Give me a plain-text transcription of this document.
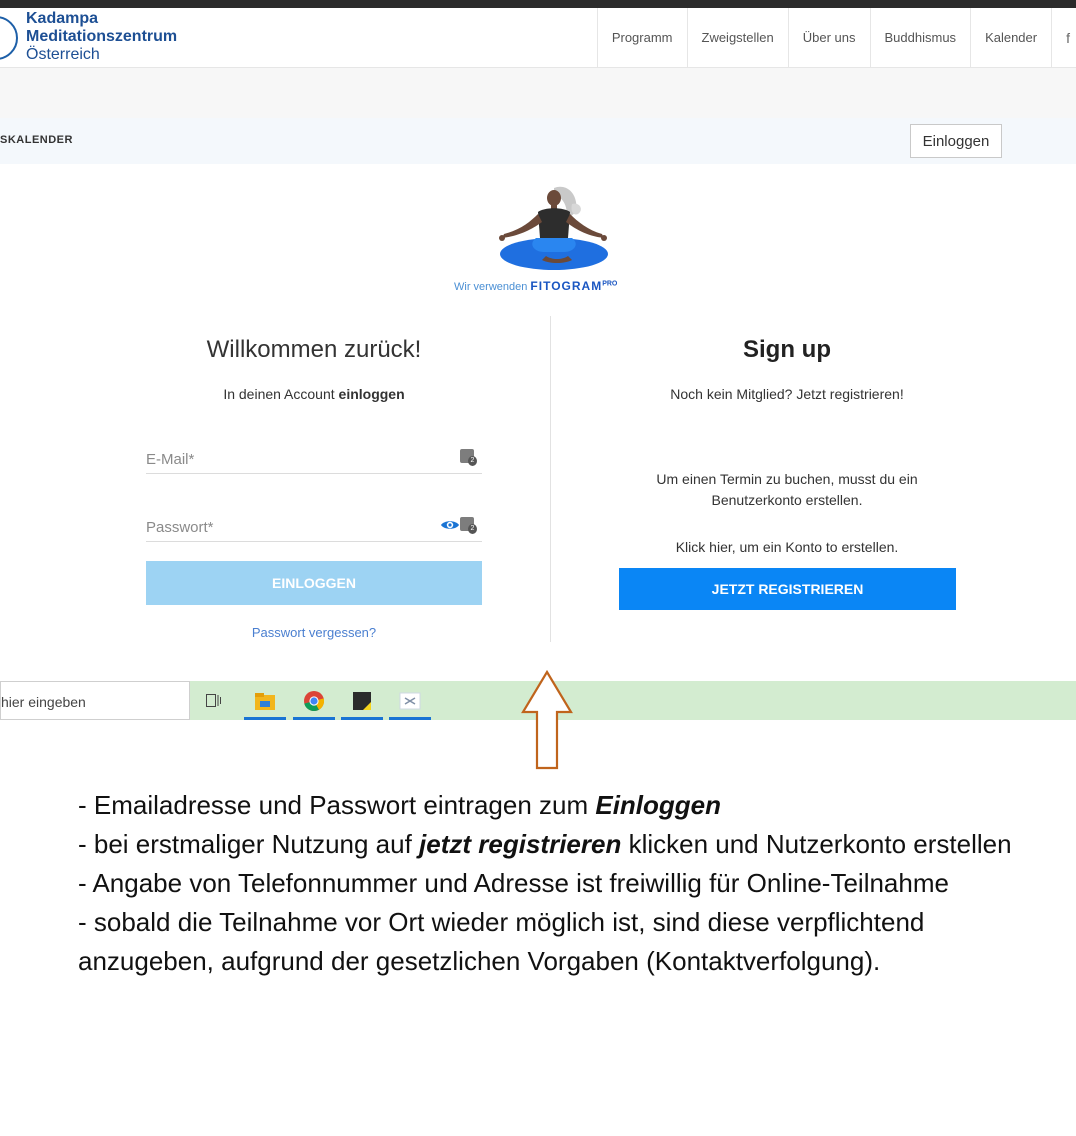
Kadampa
Meditationszentrum
Österreich
Programm	Zweigstellen	Über uns	Buddhismus	Kalender	f
SKALENDER	Einloggen
Wir verwenden $FITOGRAM^{PRO}$
Willkommen zurück!
In deinen Account einloggen
E-Mail*
2
2
EINLOGGEN
Passwort vergessen?
Sign up
Noch kein Mitglied? Jetzt registrieren!
Um einen Termin zu buchen, musst du ein
Benutzerkonto erstellen.
Klick hier, um ein Konto to erstellen.
JETZT REGISTRIEREN
hier eingeben

- Emailadresse und Passwort eintragen zum Einloggen

- bei erstmaliger Nutzung auf jetzt registrieren klicken und Nutzerkonto erstellen

- Angabe von Telefonnummer und Adresse ist freiwillig für Online-Teilnahme

- sobald die Teilnahme vor Ort wieder möglich ist, sind diese verpflichtend anzugeben, aufgrund der gesetzlichen Vorgaben (Kontaktverfolgung).
